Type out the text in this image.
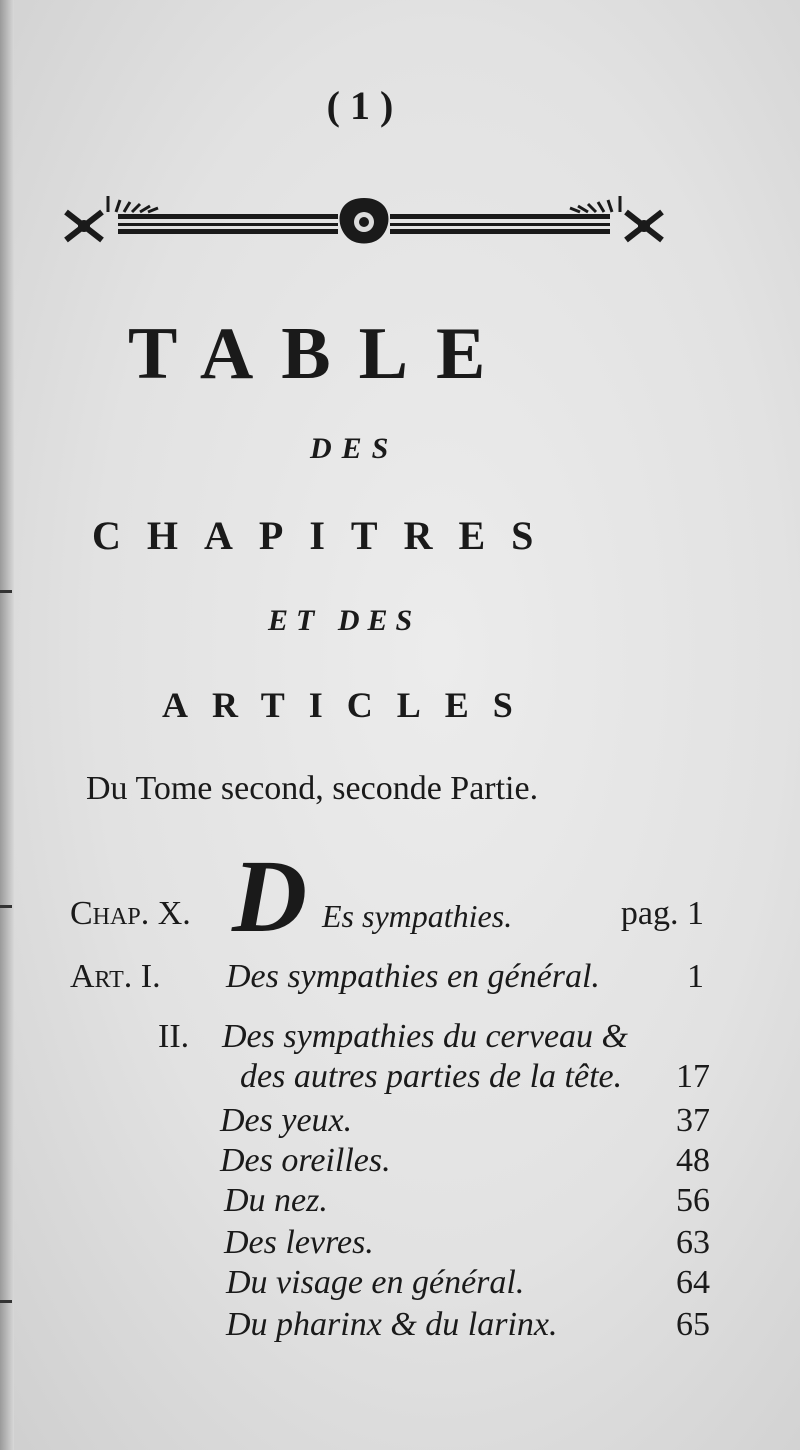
( 1 )
TABLE
DES
CHAPITRES
ET DES
ARTICLES
Du Tome second, seconde Partie.
Chap. X. D Es sympathies.	pag. 1
Art. I. Des sympathies en général.	1
II. Des sympathies du cerveau &
des autres parties de la tête. 17
Des yeux.	37
Des oreilles.	48
Du nez.	56
Des levres.	63
Du visage en général.	64
Du pharinx & du larinx.	65
